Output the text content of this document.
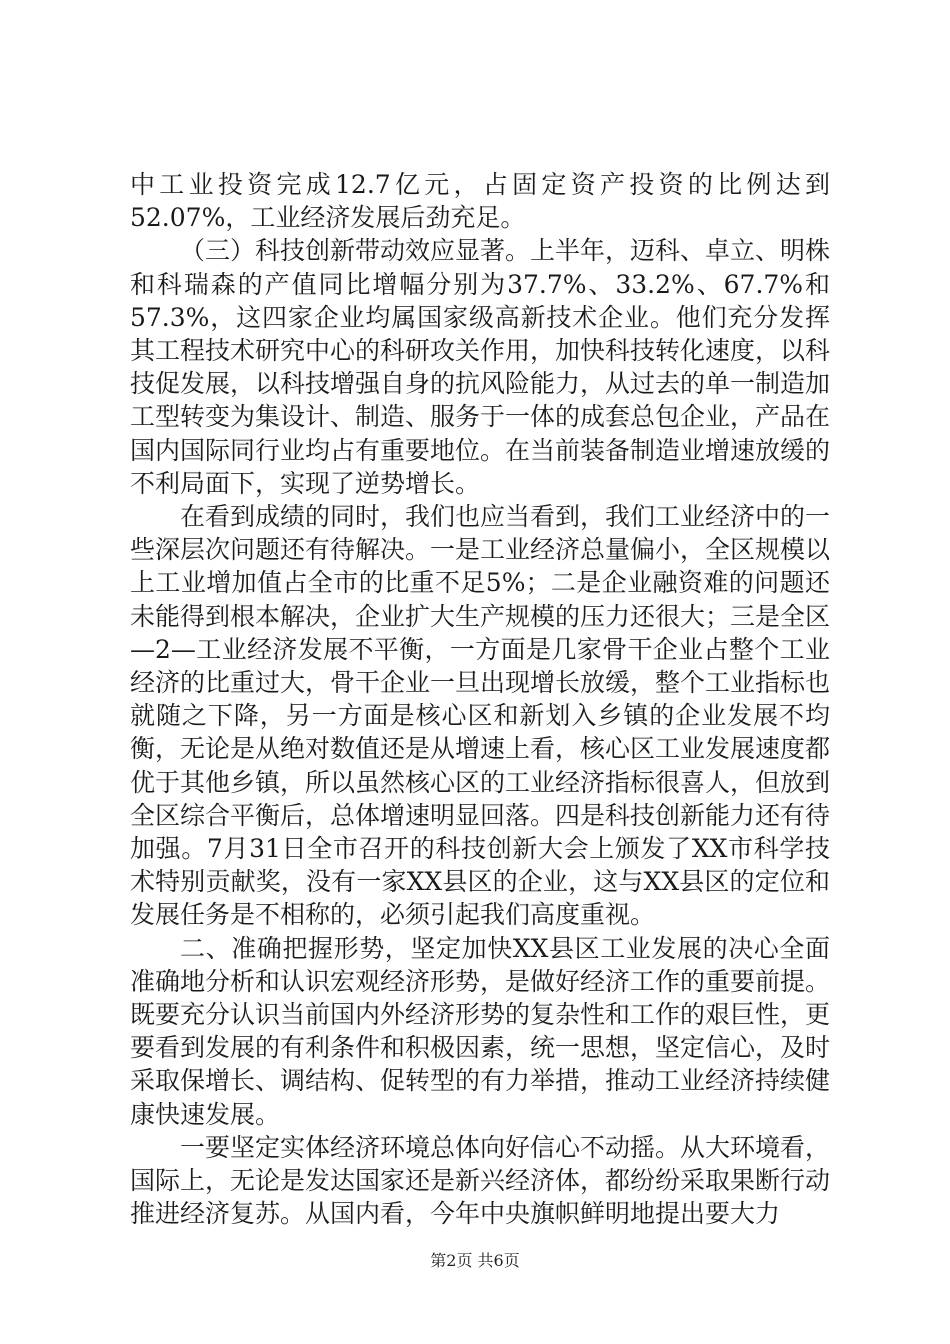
中工业投资完成12.7亿元，占固定资产投资的比例达到52.07%，工业经济发展后劲充足。

（三）科技创新带动效应显著。上半年，迈科、卓立、明株和科瑞森的产值同比增幅分别为37.7%、33.2%、67.7%和57.3%，这四家企业均属国家级高新技术企业。他们充分发挥其工程技术研究中心的科研攻关作用，加快科技转化速度，以科技促发展，以科技增强自身的抗风险能力，从过去的单一制造加工型转变为集设计、制造、服务于一体的成套总包企业，产品在国内国际同行业均占有重要地位。在当前装备制造业增速放缓的不利局面下，实现了逆势增长。

在看到成绩的同时，我们也应当看到，我们工业经济中的一些深层次问题还有待解决。一是工业经济总量偏小，全区规模以上工业增加值占全市的比重不足5%；二是企业融资难的问题还未能得到根本解决，企业扩大生产规模的压力还很大；三是全区—2—工业经济发展不平衡，一方面是几家骨干企业占整个工业经济的比重过大，骨干企业一旦出现增长放缓，整个工业指标也就随之下降，另一方面是核心区和新划入乡镇的企业发展不均衡，无论是从绝对数值还是从增速上看，核心区工业发展速度都优于其他乡镇，所以虽然核心区的工业经济指标很喜人，但放到全区综合平衡后，总体增速明显回落。四是科技创新能力还有待加强。7月31日全市召开的科技创新大会上颁发了XX市科学技术特别贡献奖，没有一家XX县区的企业，这与XX县区的定位和发展任务是不相称的，必须引起我们高度重视。

二、准确把握形势，坚定加快XX县区工业发展的决心全面准确地分析和认识宏观经济形势，是做好经济工作的重要前提。既要充分认识当前国内外经济形势的复杂性和工作的艰巨性，更要看到发展的有利条件和积极因素，统一思想，坚定信心，及时采取保增长、调结构、促转型的有力举措，推动工业经济持续健康快速发展。

一要坚定实体经济环境总体向好信心不动摇。从大环境看，国际上，无论是发达国家还是新兴经济体，都纷纷采取果断行动推进经济复苏。从国内看，今年中央旗帜鲜明地提出要大力

第2页 共6页
